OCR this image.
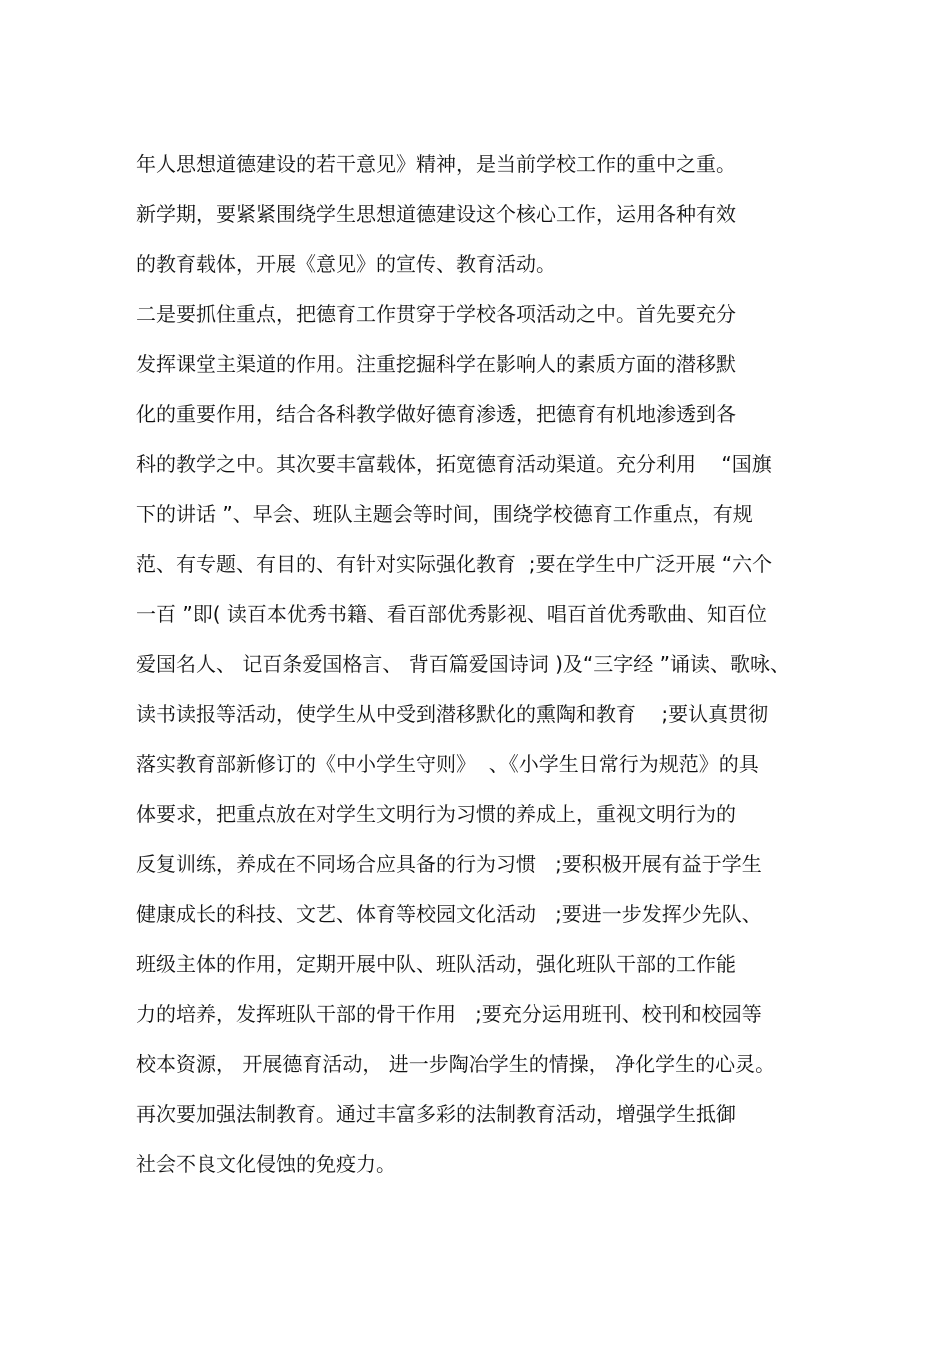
年人思想道德建设的若干意见》精神，是当前学校工作的重中之重。
新学期，要紧紧围绕学生思想道德建设这个核心工作，运用各种有效
的教育载体，开展《意见》的宣传、教育活动。
二是要抓住重点，把德育工作贯穿于学校各项活动之中。首先要充分
发挥课堂主渠道的作用。注重挖掘科学在影响人的素质方面的潜移默
化的重要作用，结合各科教学做好德育渗透，把德育有机地渗透到各
科的教学之中。其次要丰富载体，拓宽德育活动渠道。充分利用    “国旗
下的讲话 ”、早会、班队主题会等时间，围绕学校德育工作重点，有规
范、有专题、有目的、有针对实际强化教育  ;要在学生中广泛开展 “六个
一百 ”即( 读百本优秀书籍、看百部优秀影视、唱百首优秀歌曲、知百位
爱国名人、 记百条爱国格言、 背百篇爱国诗词 )及“三字经 ”诵读、歌咏、
读书读报等活动，使学生从中受到潜移默化的熏陶和教育    ;要认真贯彻
落实教育部新修订的《中小学生守则》  、《小学生日常行为规范》的具
体要求，把重点放在对学生文明行为习惯的养成上，重视文明行为的
反复训练，养成在不同场合应具备的行为习惯   ;要积极开展有益于学生
健康成长的科技、文艺、体育等校园文化活动   ;要进一步发挥少先队、
班级主体的作用，定期开展中队、班队活动，强化班队干部的工作能
力的培养，发挥班队干部的骨干作用   ;要充分运用班刊、校刊和校园等
校本资源， 开展德育活动， 进一步陶冶学生的情操， 净化学生的心灵。
再次要加强法制教育。通过丰富多彩的法制教育活动，增强学生抵御
社会不良文化侵蚀的免疫力。
